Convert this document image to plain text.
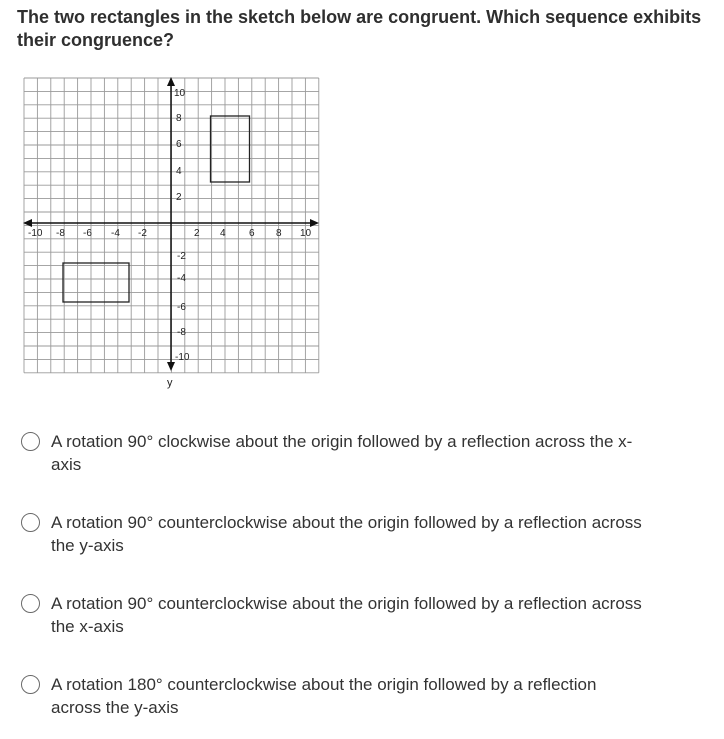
The two rectangles in the sketch below are congruent. Which sequence exhibits
their congruence?
-10 -8 -6 -4 -2	2 4 6 8 10
10
8
6
4
2
-2
-4
-6
-8
-10
y
A rotation 90° clockwise about the origin followed by a reflection across the x-
axis
A rotation 90° counterclockwise about the origin followed by a reflection across
the y-axis
A rotation 90° counterclockwise about the origin followed by a reflection across
the x-axis
A rotation 180° counterclockwise about the origin followed by a reflection
across the y-axis
